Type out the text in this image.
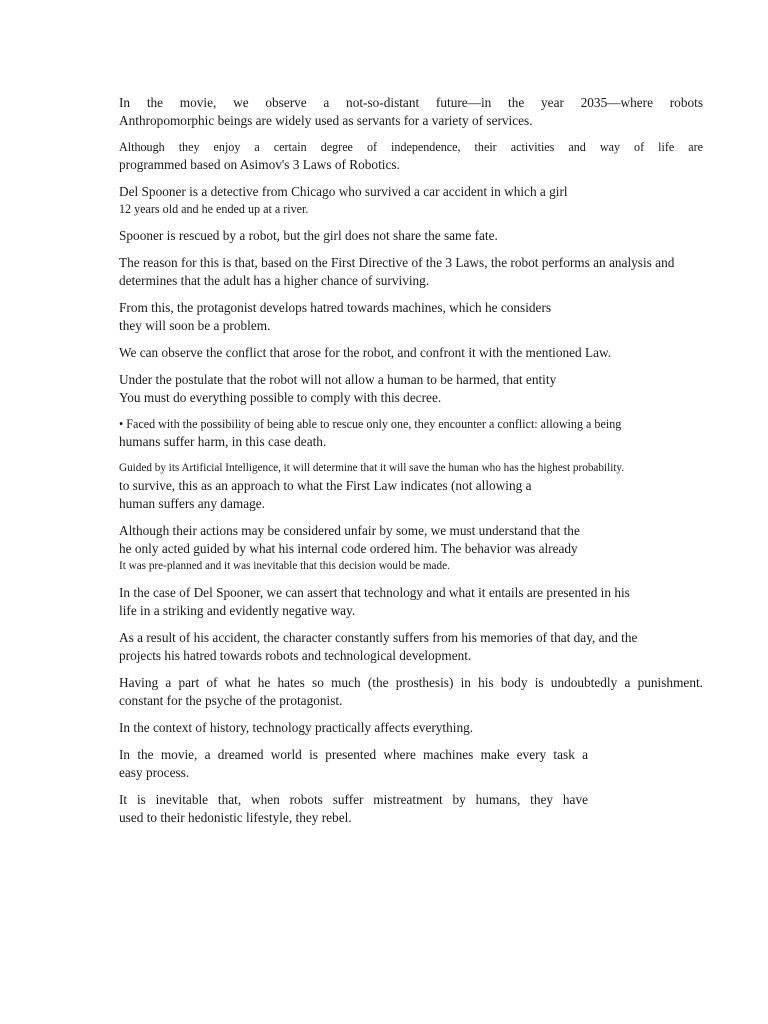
In the movie, we observe a not-so-distant future—in the year 2035—where robots
Anthropomorphic beings are widely used as servants for a variety of services.

Although they enjoy a certain degree of independence, their activities and way of life are
programmed based on Asimov's 3 Laws of Robotics.

Del Spooner is a detective from Chicago who survived a car accident in which a girl
12 years old and he ended up at a river.

Spooner is rescued by a robot, but the girl does not share the same fate.

The reason for this is that, based on the First Directive of the 3 Laws, the robot performs an analysis and
determines that the adult has a higher chance of surviving.

From this, the protagonist develops hatred towards machines, which he considers
they will soon be a problem.

We can observe the conflict that arose for the robot, and confront it with the mentioned Law.

Under the postulate that the robot will not allow a human to be harmed, that entity
You must do everything possible to comply with this decree.

• Faced with the possibility of being able to rescue only one, they encounter a conflict: allowing a being
humans suffer harm, in this case death.

Guided by its Artificial Intelligence, it will determine that it will save the human who has the highest probability.
to survive, this as an approach to what the First Law indicates (not allowing a
human suffers any damage.

Although their actions may be considered unfair by some, we must understand that the
he only acted guided by what his internal code ordered him. The behavior was already
It was pre-planned and it was inevitable that this decision would be made.

In the case of Del Spooner, we can assert that technology and what it entails are presented in his
life in a striking and evidently negative way.

As a result of his accident, the character constantly suffers from his memories of that day, and the
projects his hatred towards robots and technological development.

Having a part of what he hates so much (the prosthesis) in his body is undoubtedly a punishment.
constant for the psyche of the protagonist.

In the context of history, technology practically affects everything.

In the movie, a dreamed world is presented where machines make every task a
easy process.

It is inevitable that, when robots suffer mistreatment by humans, they have
used to their hedonistic lifestyle, they rebel.
